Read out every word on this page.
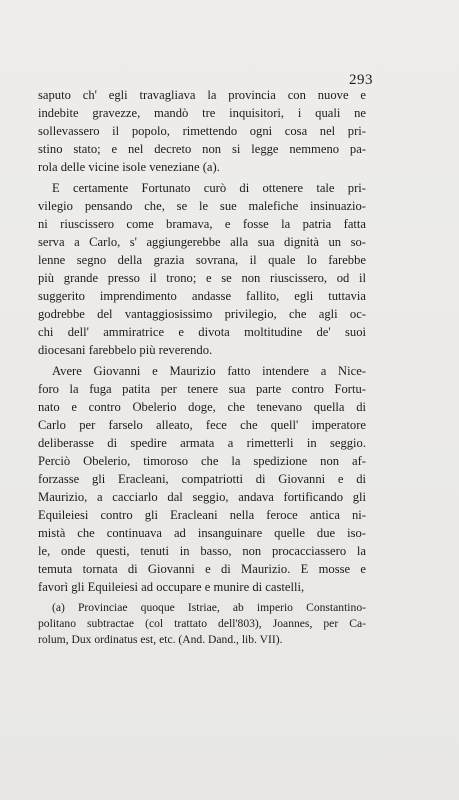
293

saputo ch' egli travagliava la provincia con nuove e
indebite gravezze, mandò tre inquisitori, i quali ne
sollevassero il popolo, rimettendo ogni cosa nel pri-
stino stato; e nel decreto non si legge nemmeno pa-
rola delle vicine isole veneziane (a).

E certamente Fortunato curò di ottenere tale pri-
vilegio pensando che, se le sue malefiche insinuazio-
ni riuscissero come bramava, e fosse la patria fatta
serva a Carlo, s' aggiungerebbe alla sua dignità un so-
lenne segno della grazia sovrana, il quale lo farebbe
più grande presso il trono; e se non riuscissero, od il
suggerito imprendimento andasse fallito, egli tuttavia
godrebbe del vantaggiosissimo privilegio, che agli oc-
chi dell' ammiratrice e divota moltitudine de' suoi
diocesani farebbelo più reverendo.

Avere Giovanni e Maurizio fatto intendere a Nice-
foro la fuga patita per tenere sua parte contro Fortu-
nato e contro Obelerio doge, che tenevano quella di
Carlo per farselo alleato, fece che quell' imperatore
deliberasse di spedire armata a rimetterli in seggio.
Perciò Obelerio, timoroso che la spedizione non af-
forzasse gli Eracleani, compatriotti di Giovanni e di
Maurizio, a cacciarlo dal seggio, andava fortificando gli
Equileiesi contro gli Eracleani nella feroce antica ni-
mistà che continuava ad insanguinare quelle due iso-
le, onde questi, tenuti in basso, non procacciassero la
temuta tornata di Giovanni e di Maurizio. E mosse e
favorì gli Equileiesi ad occupare e munire di castelli,

(a) Provinciae quoque Istriae, ab imperio Constantino-
politano subtractae (col trattato dell'803), Joannes, per Ca-
rolum, Dux ordinatus est, etc. (And. Dand., lib. VII).
